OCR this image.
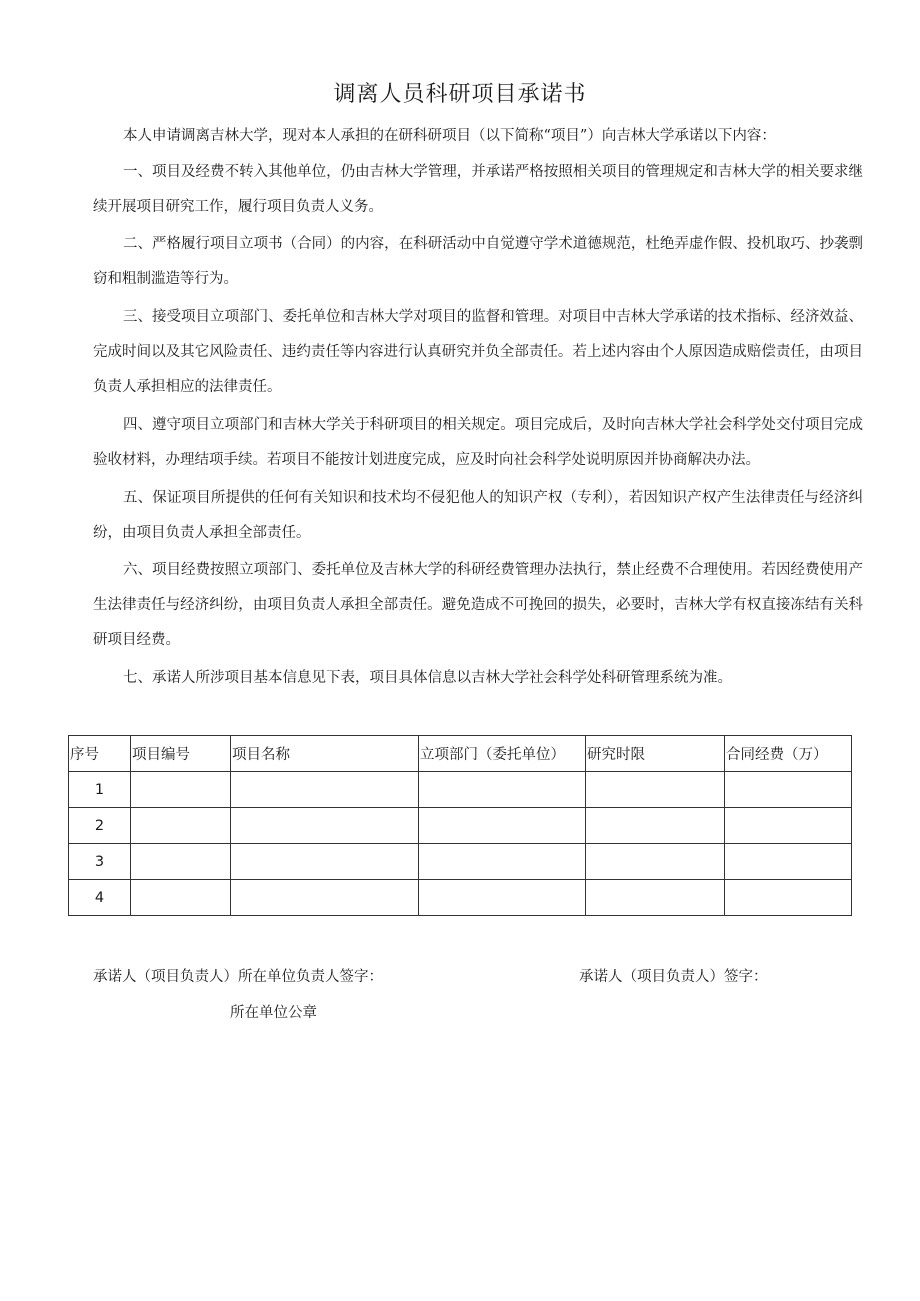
调离人员科研项目承诺书

本人申请调离吉林大学，现对本人承担的在研科研项目（以下简称“项目”）向吉林大学承诺以下内容：

一、项目及经费不转入其他单位，仍由吉林大学管理，并承诺严格按照相关项目的管理规定和吉林大学的相关要求继续开展项目研究工作，履行项目负责人义务。

二、严格履行项目立项书（合同）的内容，在科研活动中自觉遵守学术道德规范，杜绝弄虚作假、投机取巧、抄袭剽窃和粗制滥造等行为。

三、接受项目立项部门、委托单位和吉林大学对项目的监督和管理。对项目中吉林大学承诺的技术指标、经济效益、完成时间以及其它风险责任、违约责任等内容进行认真研究并负全部责任。若上述内容由个人原因造成赔偿责任，由项目负责人承担相应的法律责任。

四、遵守项目立项部门和吉林大学关于科研项目的相关规定。项目完成后，及时向吉林大学社会科学处交付项目完成验收材料，办理结项手续。若项目不能按计划进度完成，应及时向社会科学处说明原因并协商解决办法。

五、保证项目所提供的任何有关知识和技术均不侵犯他人的知识产权（专利），若因知识产权产生法律责任与经济纠纷，由项目负责人承担全部责任。

六、项目经费按照立项部门、委托单位及吉林大学的科研经费管理办法执行，禁止经费不合理使用。若因经费使用产生法律责任与经济纠纷，由项目负责人承担全部责任。避免造成不可挽回的损失，必要时，吉林大学有权直接冻结有关科研项目经费。

七、承诺人所涉项目基本信息见下表，项目具体信息以吉林大学社会科学处科研管理系统为准。

序号	项目编号	项目名称	立项部门（委托单位）	研究时限	合同经费（万）
1					
2					
3					
4					
承诺人（项目负责人）所在单位负责人签字：	承诺人（项目负责人）签字：
所在单位公章
